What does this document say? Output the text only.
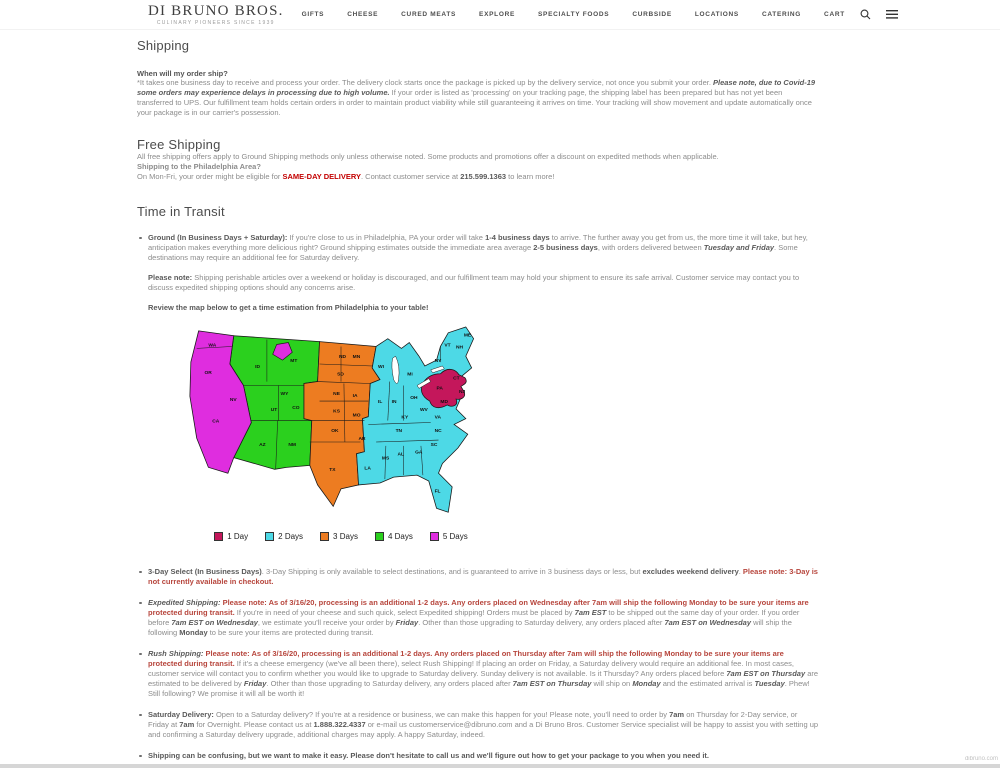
DI BRUNO BROS.
CULINARY PIONEERS SINCE 1939
GIFTS	CHEESE	CURED MEATS	EXPLORE	SPECIALTY FOODS	CURBSIDE	LOCATIONS	CATERING	CART
Shipping
When will my order ship?

*It takes one business day to receive and process your order. The delivery clock starts once the package is picked up by the delivery service, not once you submit your order. Please note, due to Covid-19 some orders may experience delays in processing due to high volume. If your order is listed as 'processing' on your tracking page, the shipping label has been prepared but has not yet been transferred to UPS. Our fulfillment team holds certain orders in order to maintain product viability while still guaranteeing it arrives on time. Your tracking will show movement and update automatically once your package is in our carrier's possession.

Free Shipping

All free shipping offers apply to Ground Shipping methods only unless otherwise noted. Some products and promotions offer a discount on expedited methods when applicable.

Shipping to the Philadelphia Area?

On Mon-Fri, your order might be eligible for SAME-DAY DELIVERY. Contact customer service at 215.599.1363 to learn more!

Time in Transit

Ground (In Business Days + Saturday): If you're close to us in Philadelphia, PA your order will take 1-4 business days to arrive. The further away you get from us, the more time it will take, but hey, anticipation makes everything more delicious right? Ground shipping estimates outside the immediate area average 2-5 business days, with orders delivered between Tuesday and Friday. Some destinations may require an additional fee for Saturday delivery.

Please note: Shipping perishable articles over a weekend or holiday is discouraged, and our fulfillment team may hold your shipment to ensure its safe arrival. Customer service may contact you to discuss expedited shipping options should any concerns arise.

Review the map below to get a time estimation from Philadelphia to your table!

WA
OR
CA
NV
ID
MT
WY
UT
AZ	NM
CO
ND
SD
NE
KS
OK
TX
MN
IA
MO
AR
LA
WI
IL IN
MI
OH
KY
TN
MS
AL GA
FL
SC
NC
VA
WV
NY
PA
NJ
MD
VT NH
ME
CT
1 Day	2 Days	3 Days	4 Days	5 Days

3-Day Select (In Business Days). 3-Day Shipping is only available to select destinations, and is guaranteed to arrive in 3 business days or less, but excludes weekend delivery. Please note: 3-Day is not currently available in checkout.

Expedited Shipping: Please note: As of 3/16/20, processing is an additional 1-2 days. Any orders placed on Wednesday after 7am will ship the following Monday to be sure your items are protected during transit. If you're in need of your cheese and such quick, select Expedited shipping! Orders must be placed by 7am EST to be shipped out the same day of your order. If you order before 7am EST on Wednesday, we estimate you'll receive your order by Friday. Other than those upgrading to Saturday delivery, any orders placed after 7am EST on Wednesday will ship the following Monday to be sure your items are protected during transit.

Rush Shipping: Please note: As of 3/16/20, processing is an additional 1-2 days. Any orders placed on Thursday after 7am will ship the following Monday to be sure your items are protected during transit. If it's a cheese emergency (we've all been there), select Rush Shipping! If placing an order on Friday, a Saturday delivery would require an additional fee. In most cases, customer service will contact you to confirm whether you would like to upgrade to Saturday delivery. Sunday delivery is not available. Is it Thursday? Any orders placed before 7am EST on Thursday are estimated to be delivered by Friday. Other than those upgrading to Saturday delivery, any orders placed after 7am EST on Thursday will ship on Monday and the estimated arrival is Tuesday. Phew! Still following? We promise it will all be worth it!

Saturday Delivery: Open to a Saturday delivery? If you're at a residence or business, we can make this happen for you! Please note, you'll need to order by 7am on Thursday for 2-Day service, or Friday at 7am for Overnight. Please contact us at 1.888.322.4337 or e-mail us customerservice@dibruno.com and a Di Bruno Bros. Customer Service specialist will be happy to assist you with setting up and confirming a Saturday delivery upgrade, additional charges may apply. A happy Saturday, indeed.

Shipping can be confusing, but we want to make it easy. Please don't hesitate to call us and we'll figure out how to get your package to you when you need it.	dibruno.com
